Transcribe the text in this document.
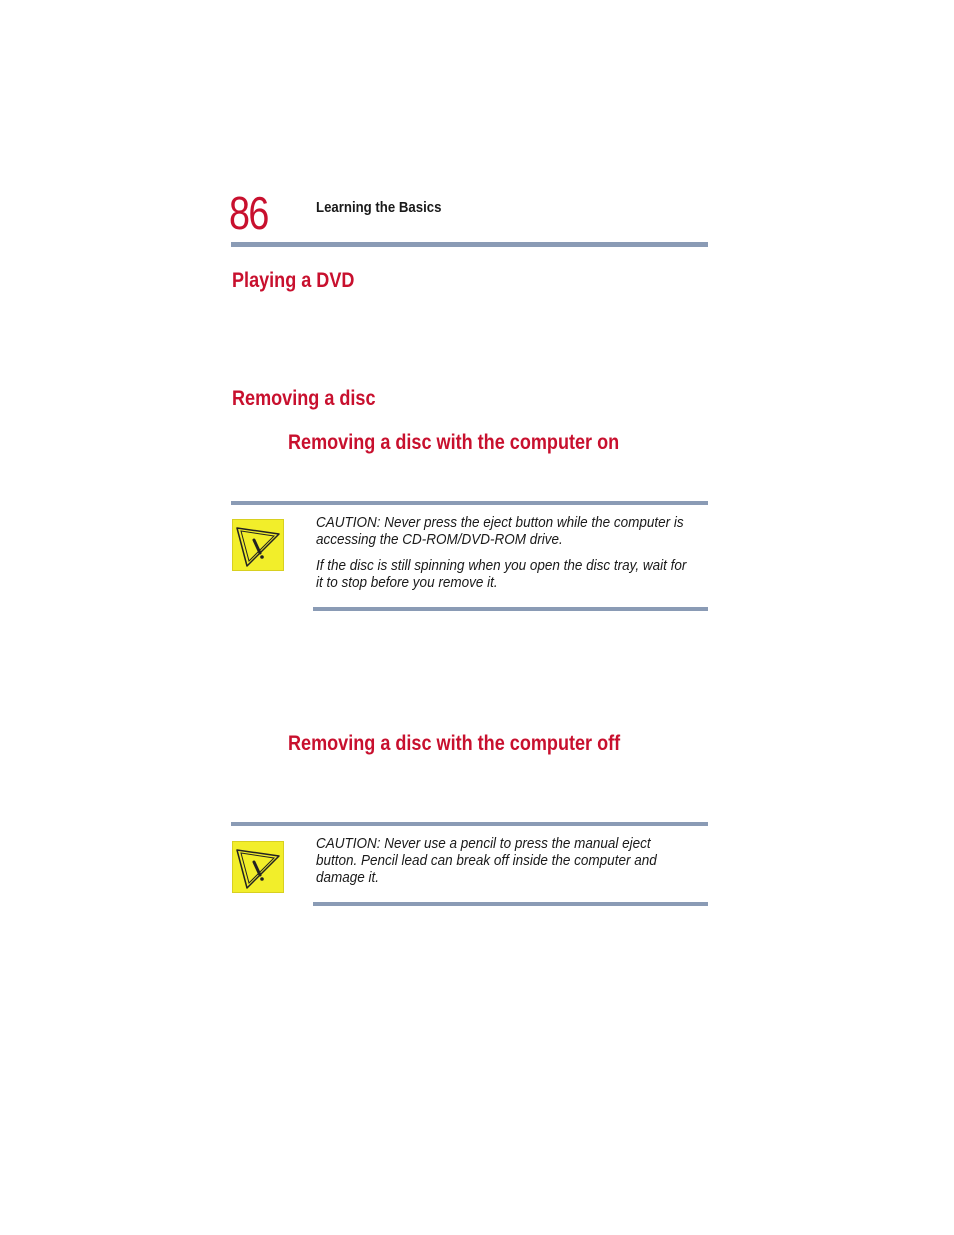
86	Learning the Basics
Playing a DVD
Removing a disc
Removing a disc with the computer on

CAUTION: Never press the eject button while the computer is accessing the CD-ROM/DVD-ROM drive.

If the disc is still spinning when you open the disc tray, wait for it to stop before you remove it.

Removing a disc with the computer off

CAUTION: Never use a pencil to press the manual eject button. Pencil lead can break off inside the computer and damage it.
